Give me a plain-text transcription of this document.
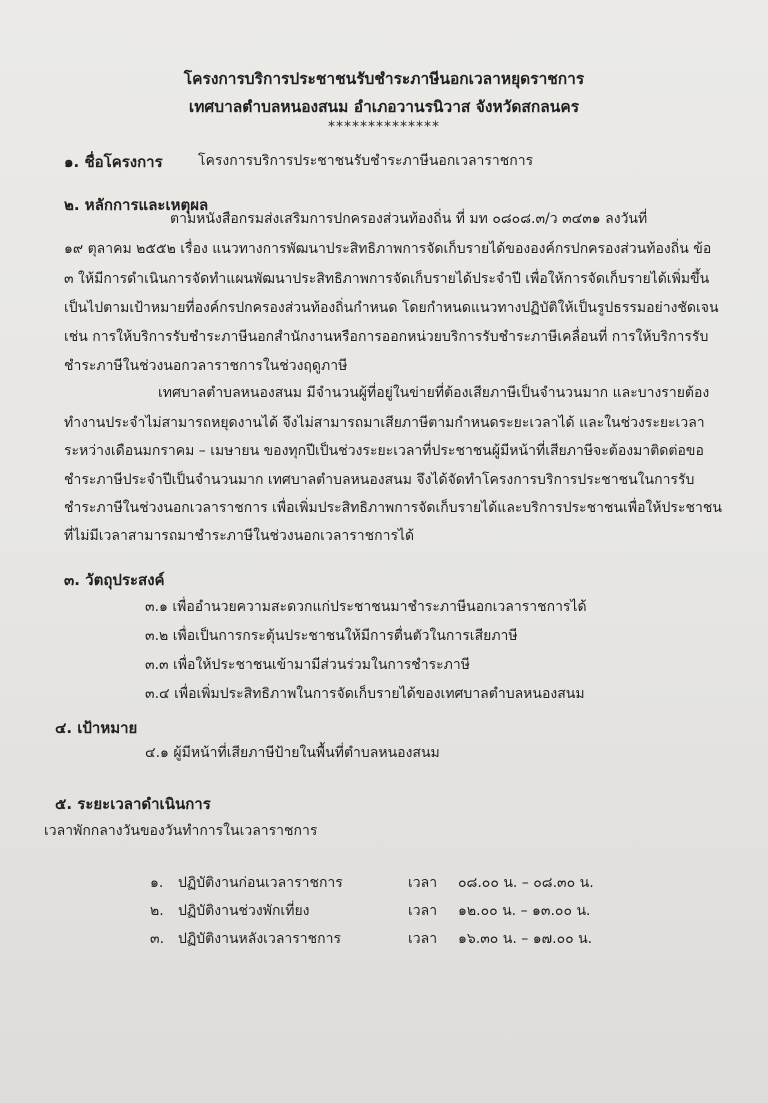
โครงการบริการประชาชนรับชำระภาษีนอกเวลาหยุดราชการ
เทศบาลตำบลหนองสนม อำเภอวานรนิวาส จังหวัดสกลนคร
**************
๑. ชื่อโครงการ	โครงการบริการประชาชนรับชำระภาษีนอกเวลาราชการ
๒. หลักการและเหตุผล
ตามหนังสือกรมส่งเสริมการปกครองส่วนท้องถิ่น ที่ มท ๐๘๐๘.๓/ว ๓๔๓๑ ลงวันที่
๑๙ ตุลาคม ๒๕๕๒ เรื่อง แนวทางการพัฒนาประสิทธิภาพการจัดเก็บรายได้ขององค์กรปกครองส่วนท้องถิ่น ข้อ
๓ ให้มีการดำเนินการจัดทำแผนพัฒนาประสิทธิภาพการจัดเก็บรายได้ประจำปี เพื่อให้การจัดเก็บรายได้เพิ่มขึ้น
เป็นไปตามเป้าหมายที่องค์กรปกครองส่วนท้องถิ่นกำหนด โดยกำหนดแนวทางปฏิบัติให้เป็นรูปธรรมอย่างชัดเจน
เช่น การให้บริการรับชำระภาษีนอกสำนักงานหรือการออกหน่วยบริการรับชำระภาษีเคลื่อนที่ การให้บริการรับ
ชำระภาษีในช่วงนอกวลาราชการในช่วงฤดูภาษี
เทศบาลตำบลหนองสนม มีจำนวนผู้ที่อยู่ในข่ายที่ต้องเสียภาษีเป็นจำนวนมาก และบางรายต้อง
ทำงานประจำไม่สามารถหยุดงานได้ จึงไม่สามารถมาเสียภาษีตามกำหนดระยะเวลาได้ และในช่วงระยะเวลา
ระหว่างเดือนมกราคม – เมษายน ของทุกปีเป็นช่วงระยะเวลาที่ประชาชนผู้มีหน้าที่เสียภาษีจะต้องมาติดต่อขอ
ชำระภาษีประจำปีเป็นจำนวนมาก เทศบาลตำบลหนองสนม จึงได้จัดทำโครงการบริการประชาชนในการรับ
ชำระภาษีในช่วงนอกเวลาราชการ เพื่อเพิ่มประสิทธิภาพการจัดเก็บรายได้และบริการประชาชนเพื่อให้ประชาชน
ที่ไม่มีเวลาสามารถมาชำระภาษีในช่วงนอกเวลาราชการได้
๓. วัตถุประสงค์
๓.๑ เพื่ออำนวยความสะดวกแก่ประชาชนมาชำระภาษีนอกเวลาราชการได้
๓.๒ เพื่อเป็นการกระตุ้นประชาชนให้มีการตื่นตัวในการเสียภาษี
๓.๓ เพื่อให้ประชาชนเข้ามามีส่วนร่วมในการชำระภาษี
๓.๔ เพื่อเพิ่มประสิทธิภาพในการจัดเก็บรายได้ของเทศบาลตำบลหนองสนม
๔. เป้าหมาย
๔.๑ ผู้มีหน้าที่เสียภาษีป้ายในพื้นที่ตำบลหนองสนม
๕. ระยะเวลาดำเนินการ
เวลาพักกลางวันของวันทำการในเวลาราชการ
๑. ปฏิบัติงานก่อนเวลาราชการ	เวลา ๐๘.๐๐ น. – ๐๘.๓๐ น.
๒. ปฏิบัติงานช่วงพักเที่ยง	เวลา ๑๒.๐๐ น. – ๑๓.๐๐ น.
๓. ปฏิบัติงานหลังเวลาราชการ	เวลา ๑๖.๓๐ น. – ๑๗.๐๐ น.
